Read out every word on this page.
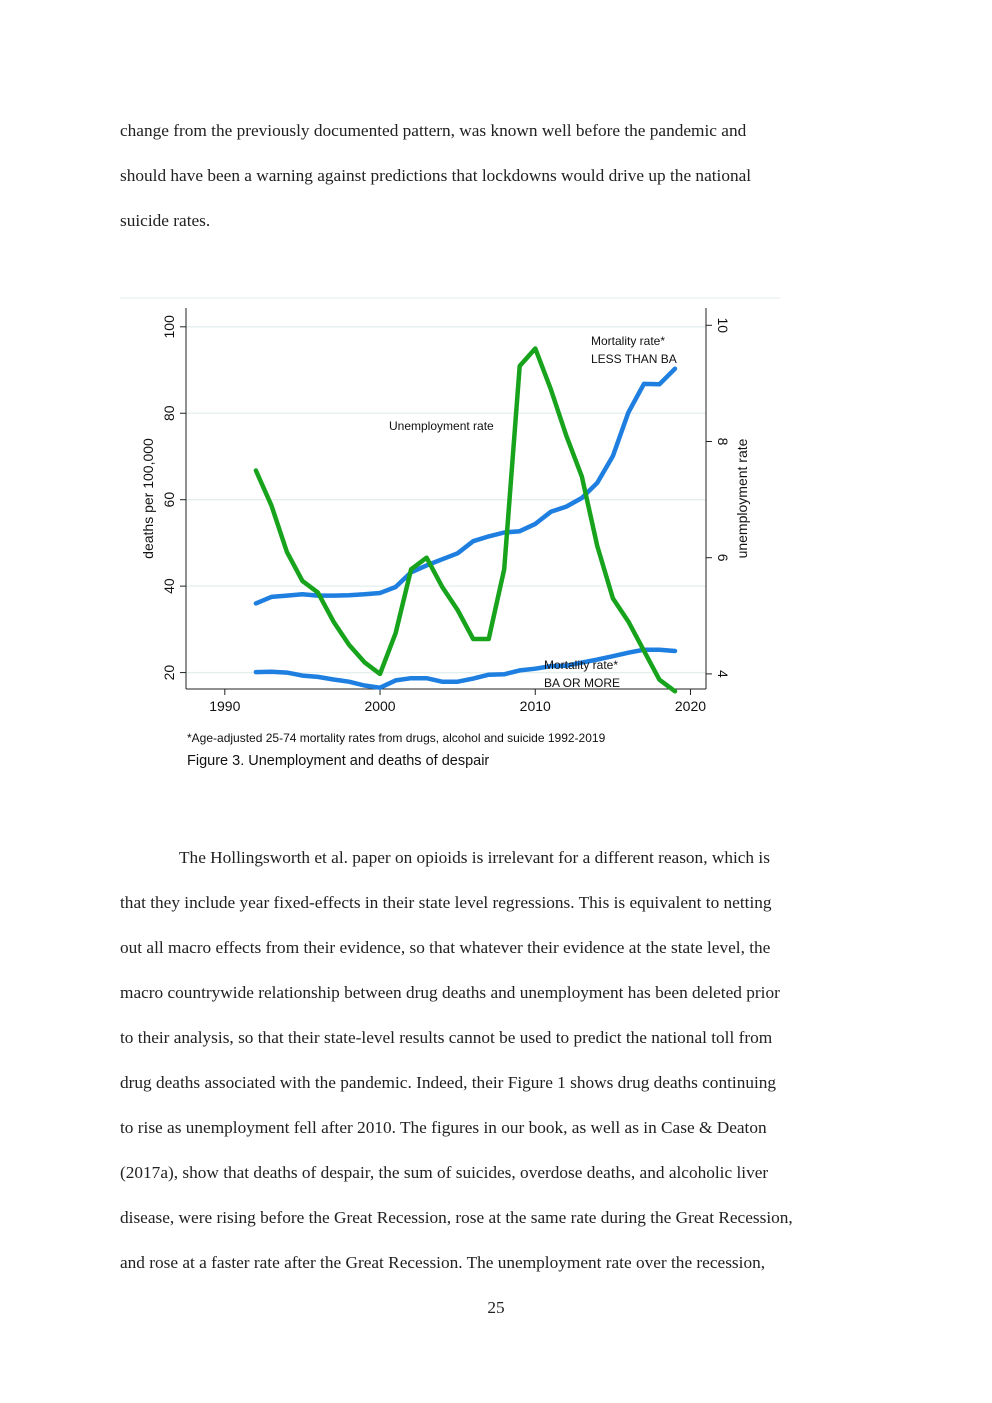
change from the previously documented pattern, was known well before the pandemic and

should have been a warning against predictions that lockdowns would drive up the national

suicide rates.

1990	2000	2010	2020
20
40
60
80
100
4
6
8
10
deaths per 100,000	unemployment rate
Mortality rate* LESS THAN BA
Mortality rate* BA OR MORE
Unemployment rate
*Age-adjusted 25-74 mortality rates from drugs, alcohol and suicide 1992-2019
Figure 3. Unemployment and deaths of despair

The Hollingsworth et al. paper on opioids is irrelevant for a different reason, which is

that they include year fixed-effects in their state level regressions. This is equivalent to netting

out all macro effects from their evidence, so that whatever their evidence at the state level, the

macro countrywide relationship between drug deaths and unemployment has been deleted prior

to their analysis, so that their state-level results cannot be used to predict the national toll from

drug deaths associated with the pandemic. Indeed, their Figure 1 shows drug deaths continuing

to rise as unemployment fell after 2010. The figures in our book, as well as in Case & Deaton

(2017a), show that deaths of despair, the sum of suicides, overdose deaths, and alcoholic liver

disease, were rising before the Great Recession, rose at the same rate during the Great Recession,

and rose at a faster rate after the Great Recession. The unemployment rate over the recession,

25
